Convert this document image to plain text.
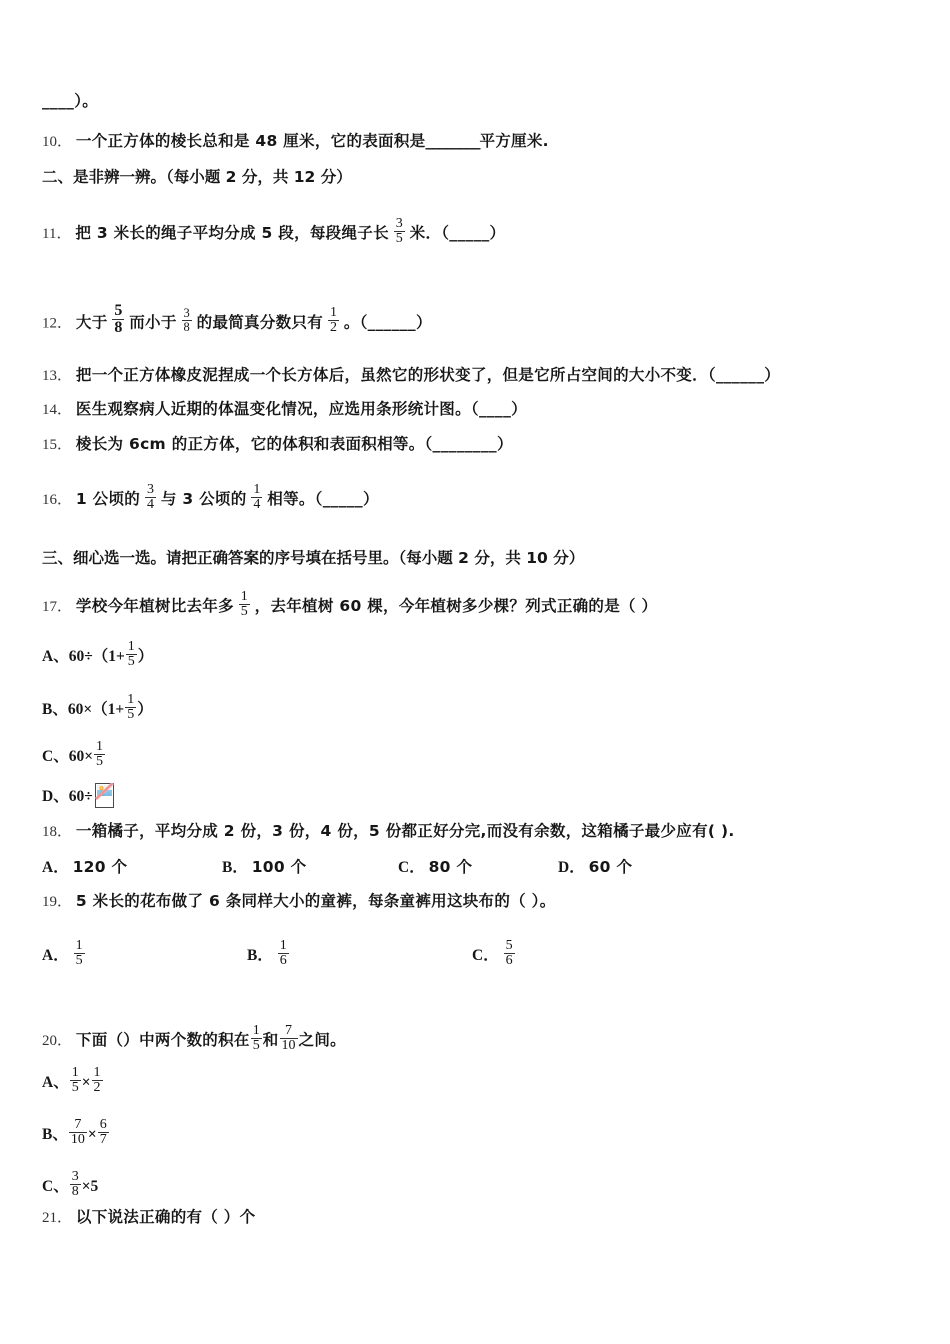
____）。
10． 一个正方体的棱长总和是 48 厘米，它的表面积是________平方厘米.
二、是非辨一辨。（每小题 2 分，共 12 分）
11． 把 3 米长的绳子平均分成 5 段，每段绳子长 $\frac{3}{5}$ 米．（_____）
12． 大于 $\frac{5}{8}$ 而小于 $\frac{3}{8}$ 的最简真分数只有 $\frac{1}{2}$ 。（______）
13． 把一个正方体橡皮泥捏成一个长方体后，虽然它的形状变了，但是它所占空间的大小不变．（______）
14． 医生观察病人近期的体温变化情况，应选用条形统计图。（____）
15． 棱长为 6cm 的正方体，它的体积和表面积相等。（________）
16． 1 公顷的 $\frac{3}{4}$ 与 3 公顷的 $\frac{1}{4}$ 相等。（_____）
三、细心选一选。请把正确答案的序号填在括号里。（每小题 2 分，共 10 分）
17． 学校今年植树比去年多 $\frac{1}{5}$ ，去年植树 60 棵，今年植树多少棵？列式正确的是（ ）
A、$60\div(1+ \frac{1}{5}$ ）
B、$60\times(1+ \frac{1}{5}$ ）
C、$60\times \frac{1}{5}$
D、60÷
18． 一箱橘子，平均分成 2 份，3 份，4 份，5 份都正好分完,而没有余数，这箱橘子最少应有( ).
A． 120 个	B． 100 个	C． 80 个	D． 60 个
19． 5 米长的花布做了 6 条同样大小的童裤，每条童裤用这块布的（ ）。
A． $\frac{1}{5}$	B． $\frac{1}{6}$	C． $\frac{5}{6}$
20． 下面（）中两个数的积在 $\frac{1}{5}$ 和 $\frac{7}{10}$ 之间。
A、 $\frac{1}{5} \times \frac{1}{2}$
B、 $\frac{7}{10} \times \frac{6}{7}$
C、 $\frac{3}{8} \times 5$
21． 以下说法正确的有（ ）个
